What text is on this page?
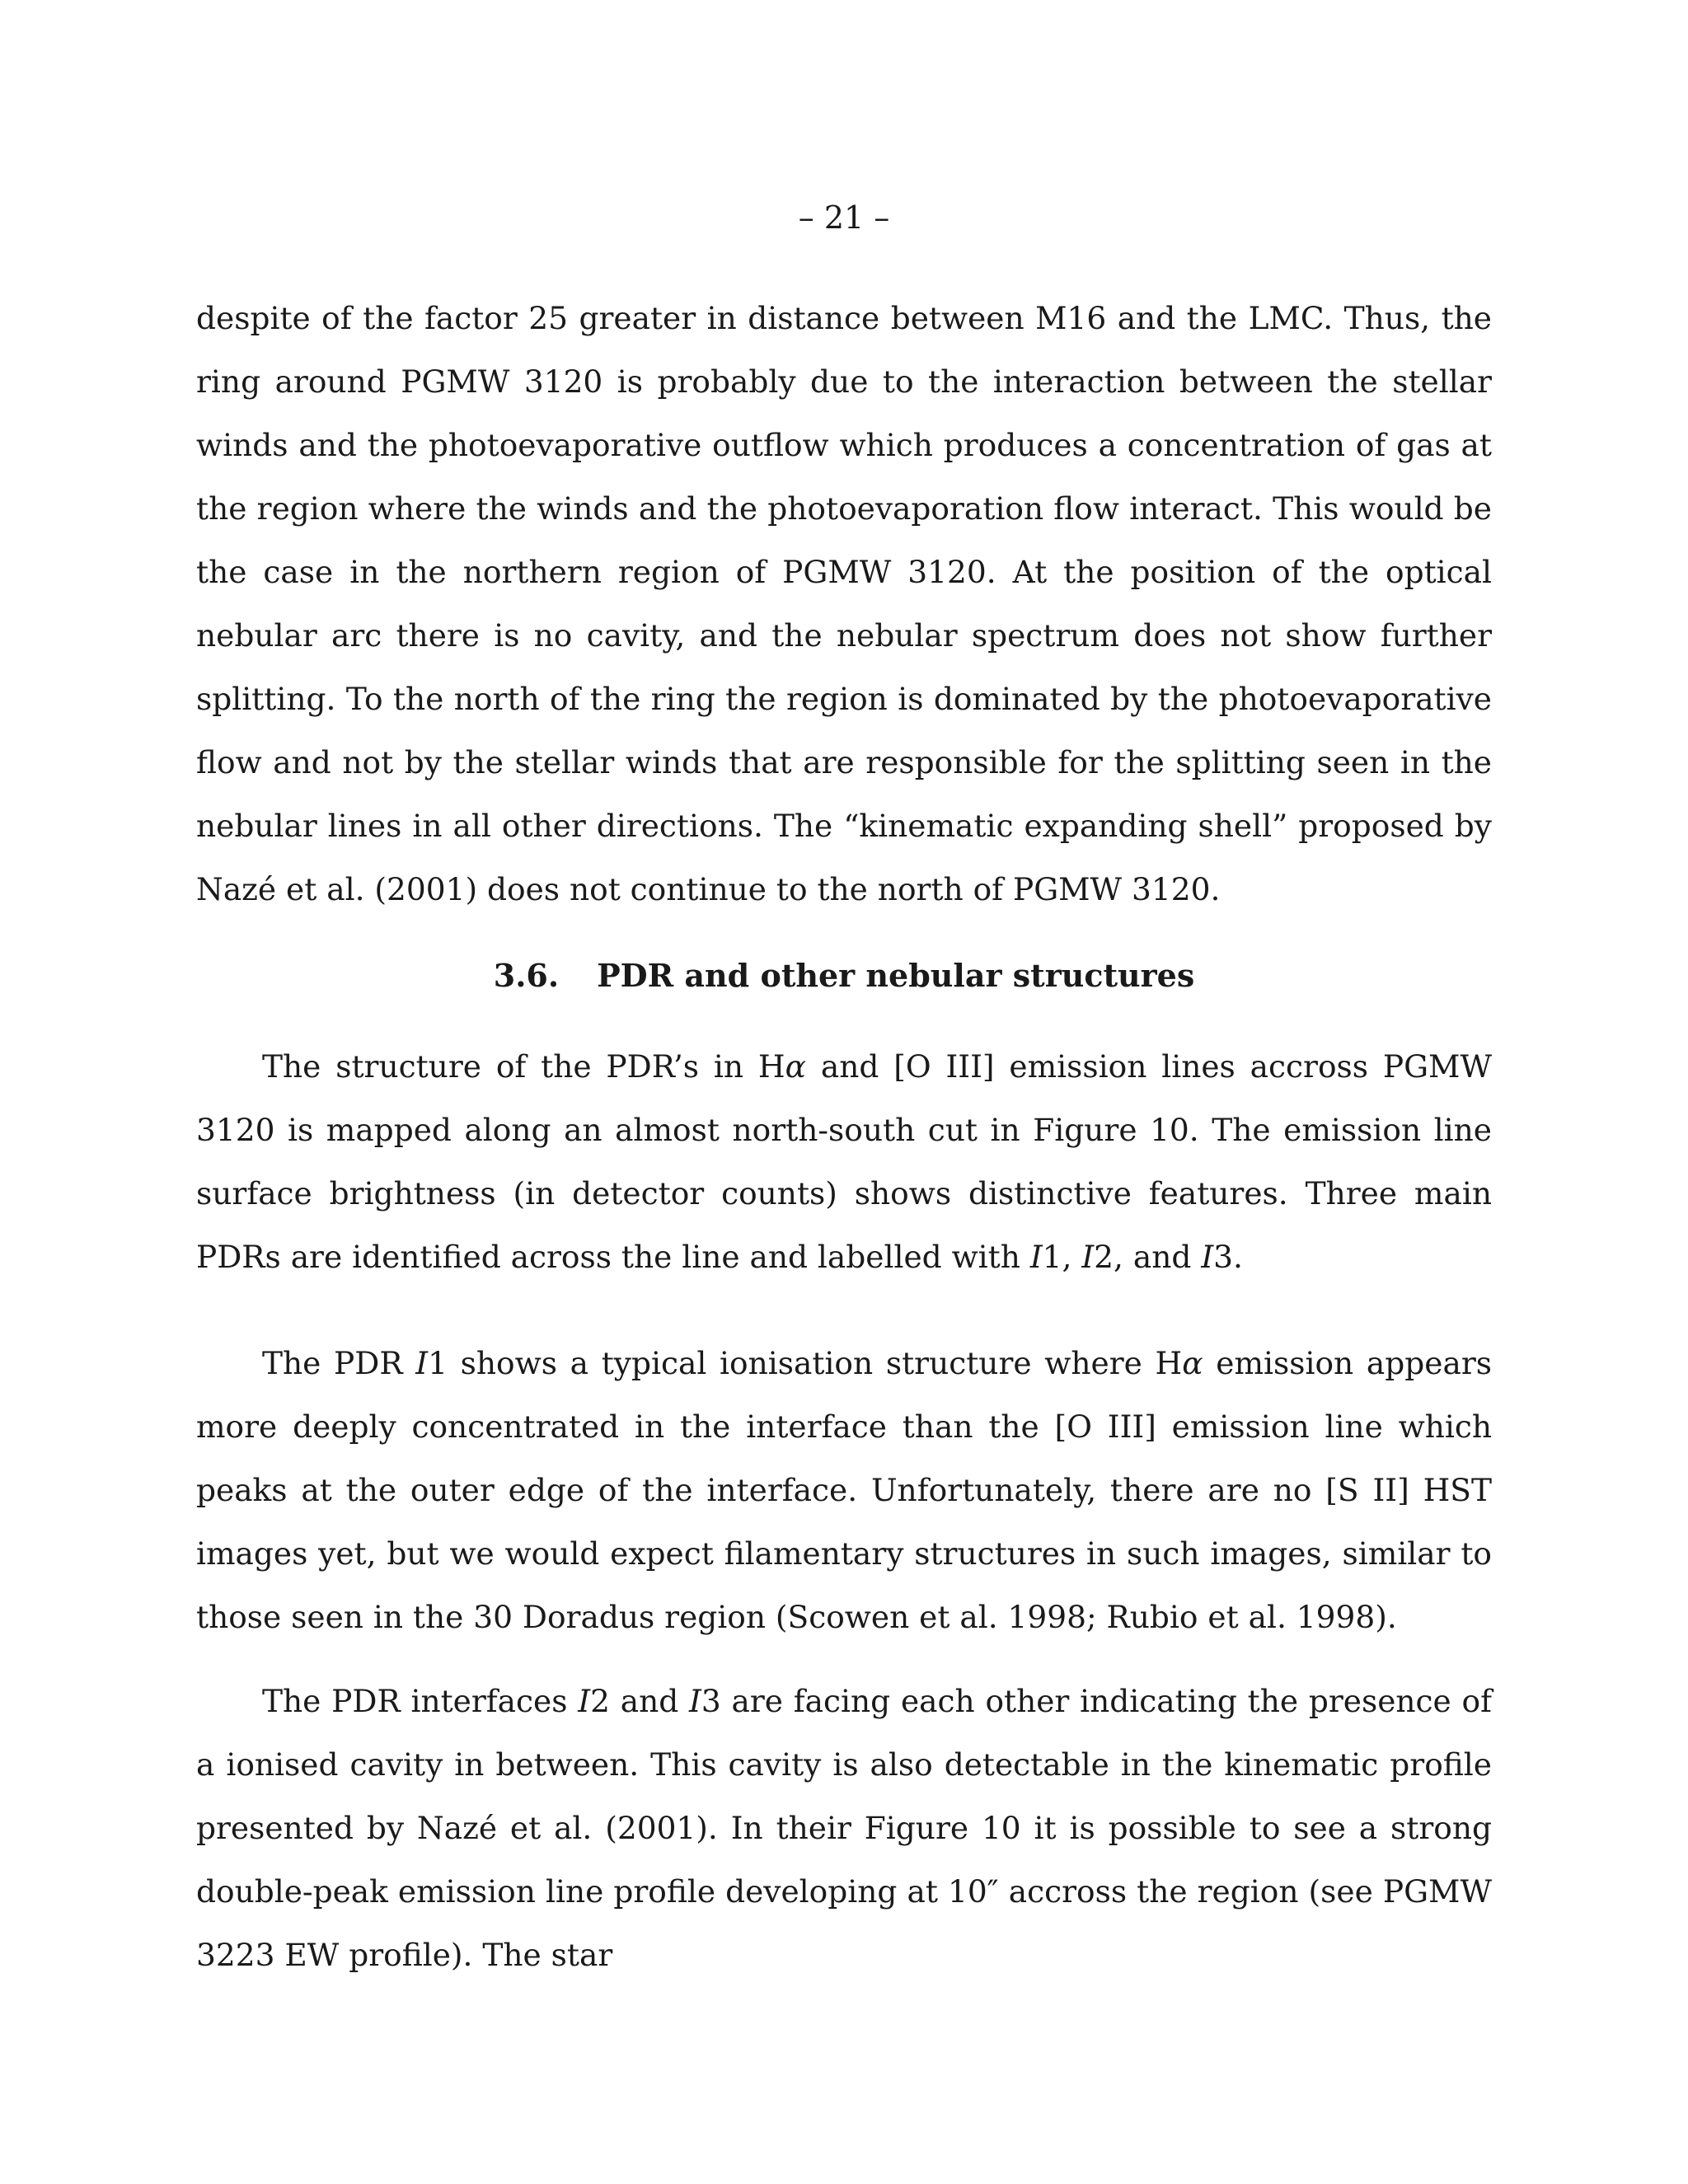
– 21 –

despite of the factor 25 greater in distance between M16 and the LMC. Thus, the ring around PGMW 3120 is probably due to the interaction between the stellar winds and the photoevaporative outflow which produces a concentration of gas at the region where the winds and the photoevaporation flow interact. This would be the case in the northern region of PGMW 3120. At the position of the optical nebular arc there is no cavity, and the nebular spectrum does not show further splitting. To the north of the ring the region is dominated by the photoevaporative flow and not by the stellar winds that are responsible for the splitting seen in the nebular lines in all other directions. The “kinematic expanding shell” proposed by Nazé et al. (2001) does not continue to the north of PGMW 3120.

3.6. PDR and other nebular structures

The structure of the PDR’s in Hα and [O III] emission lines accross PGMW 3120 is mapped along an almost north-south cut in Figure 10. The emission line surface brightness (in detector counts) shows distinctive features. Three main PDRs are identified across the line and labelled with I1, I2, and I3.

The PDR I1 shows a typical ionisation structure where Hα emission appears more deeply concentrated in the interface than the [O III] emission line which peaks at the outer edge of the interface. Unfortunately, there are no [S II] HST images yet, but we would expect filamentary structures in such images, similar to those seen in the 30 Doradus region (Scowen et al. 1998; Rubio et al. 1998).

The PDR interfaces I2 and I3 are facing each other indicating the presence of a ionised cavity in between. This cavity is also detectable in the kinematic profile presented by Nazé et al. (2001). In their Figure 10 it is possible to see a strong double-peak emission line profile developing at 10″ accross the region (see PGMW 3223 EW profile). The star
